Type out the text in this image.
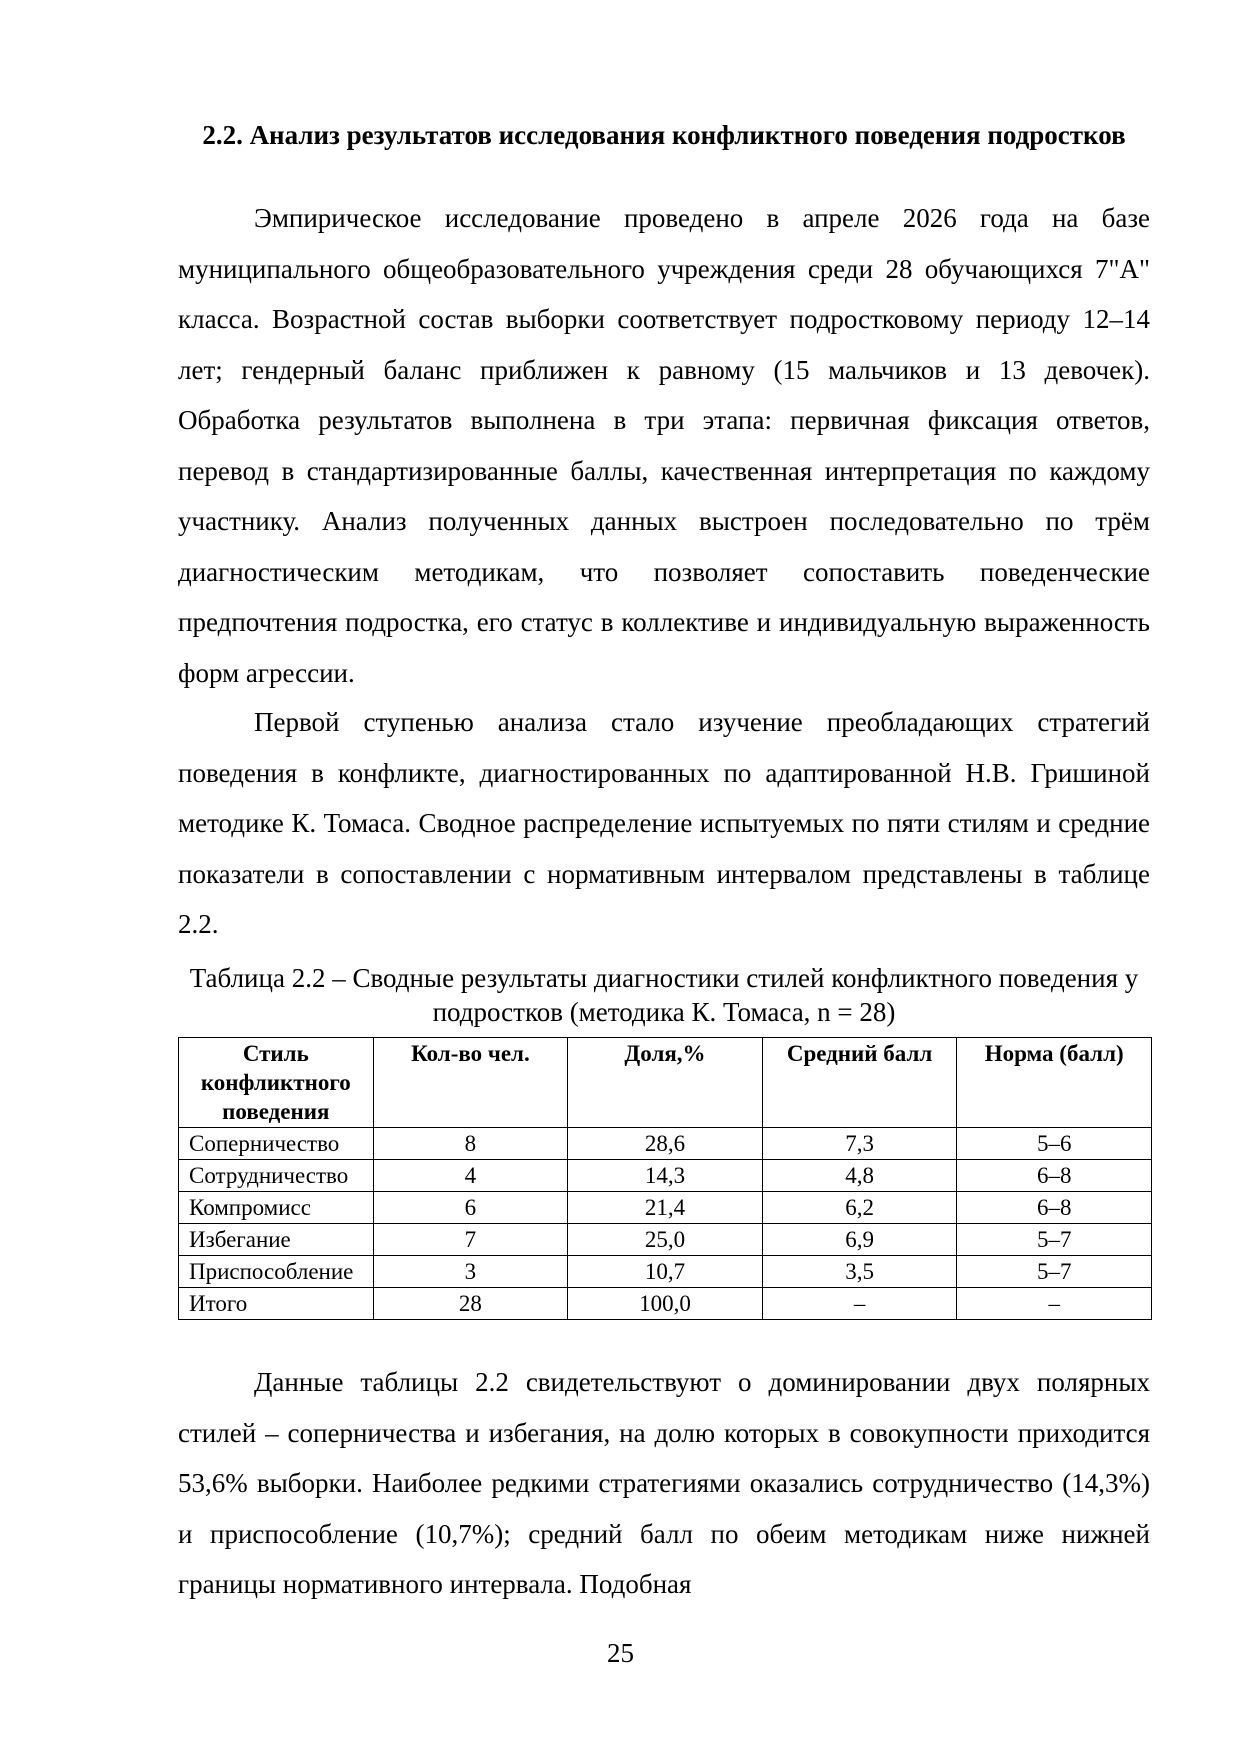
2.2. Анализ результатов исследования конфликтного поведения подростков

Эмпирическое исследование проведено в апреле 2026 года на базе муниципального общеобразовательного учреждения среди 28 обучающихся 7"А" класса. Возрастной состав выборки соответствует подростковому периоду 12–14 лет; гендерный баланс приближен к равному (15 мальчиков и 13 девочек). Обработка результатов выполнена в три этапа: первичная фиксация ответов, перевод в стандартизированные баллы, качественная интерпретация по каждому участнику. Анализ полученных данных выстроен последовательно по трём диагностическим методикам, что позволяет сопоставить поведенческие предпочтения подростка, его статус в коллективе и индивидуальную выраженность форм агрессии.

Первой ступенью анализа стало изучение преобладающих стратегий поведения в конфликте, диагностированных по адаптированной Н.В. Гришиной методике К. Томаса. Сводное распределение испытуемых по пяти стилям и средние показатели в сопоставлении с нормативным интервалом представлены в таблице 2.2.

Таблица 2.2 – Сводные результаты диагностики стилей конфликтного поведения у подростков (методика К. Томаса, n = 28)

Стиль конфликтного поведения	Кол-во чел.	Доля,%	Средний балл	Норма (балл)
Соперничество	8	28,6	7,3	5–6
Сотрудничество	4	14,3	4,8	6–8
Компромисс	6	21,4	6,2	6–8
Избегание	7	25,0	6,9	5–7
Приспособление	3	10,7	3,5	5–7
Итого	28	100,0	–	–

Данные таблицы 2.2 свидетельствуют о доминировании двух полярных стилей – соперничества и избегания, на долю которых в совокупности приходится 53,6% выборки. Наиболее редкими стратегиями оказались сотрудничество (14,3%) и приспособление (10,7%); средний балл по обеим методикам ниже нижней границы нормативного интервала. Подобная

25
